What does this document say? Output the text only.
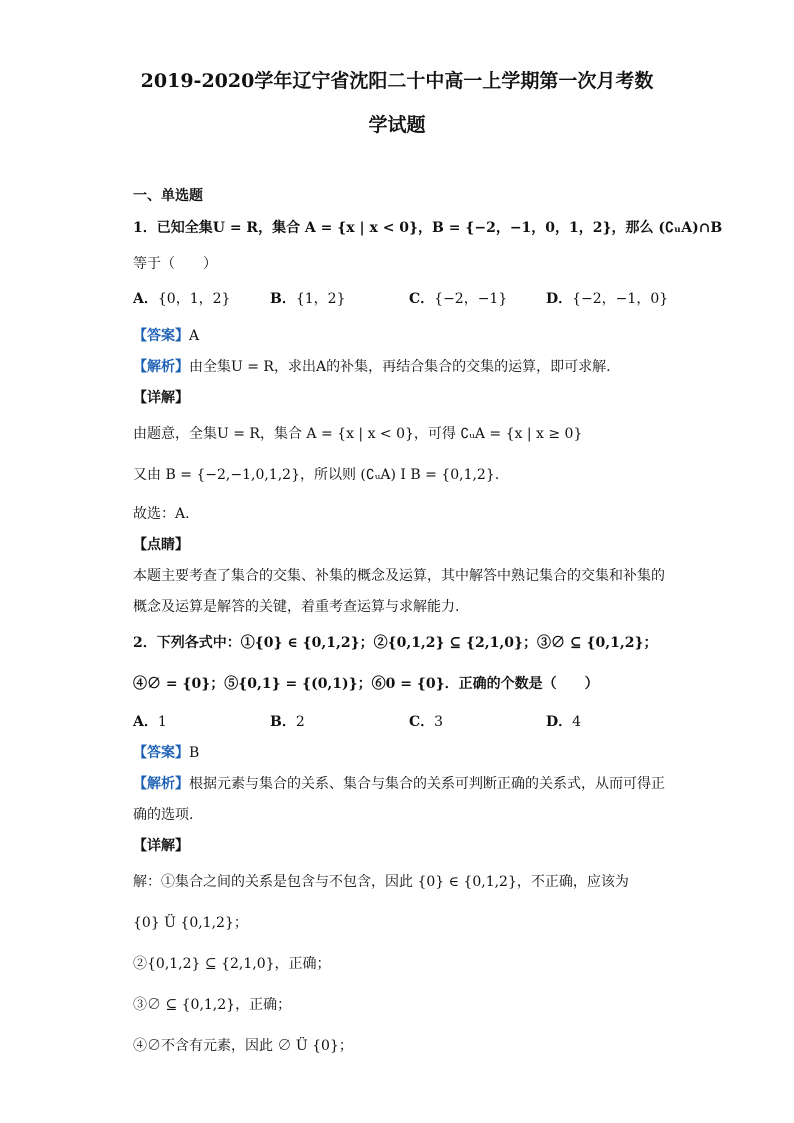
2019-2020学年辽宁省沈阳二十中高一上学期第一次月考数
学试题
一、单选题
1．已知全集U = R，集合 A = {x | x < 0}，B = {−2，−1，0，1，2}，那么 (∁ᵤA)∩B
等于（　　）
A．{0，1，2}	B．{1，2}	C．{−2，−1}	D．{−2，−1，0}
【答案】A
【解析】由全集U = R，求出A的补集，再结合集合的交集的运算，即可求解.
【详解】
由题意，全集U = R，集合 A = {x | x < 0}，可得 ∁ᵤA = {x | x ≥ 0}
又由 B = {−2,−1,0,1,2}，所以则 (∁ᵤA) I B = {0,1,2}.
故选：A.
【点睛】
本题主要考查了集合的交集、补集的概念及运算，其中解答中熟记集合的交集和补集的
概念及运算是解答的关键，着重考查运算与求解能力.
2．下列各式中：①{0} ∈ {0,1,2}；②{0,1,2} ⊆ {2,1,0}；③∅ ⊆ {0,1,2}；
④∅ = {0}；⑤{0,1} = {(0,1)}；⑥0 = {0}．正确的个数是（　　）
A．1	B．2	C．3	D．4
【答案】B
【解析】根据元素与集合的关系、集合与集合的关系可判断正确的关系式，从而可得正
确的选项.
【详解】
解：①集合之间的关系是包含与不包含，因此 {0} ∈ {0,1,2}，不正确，应该为
{0} Ü {0,1,2}；
②{0,1,2} ⊆ {2,1,0}，正确；
③∅ ⊆ {0,1,2}，正确；
④∅不含有元素，因此 ∅ Ü {0}；
